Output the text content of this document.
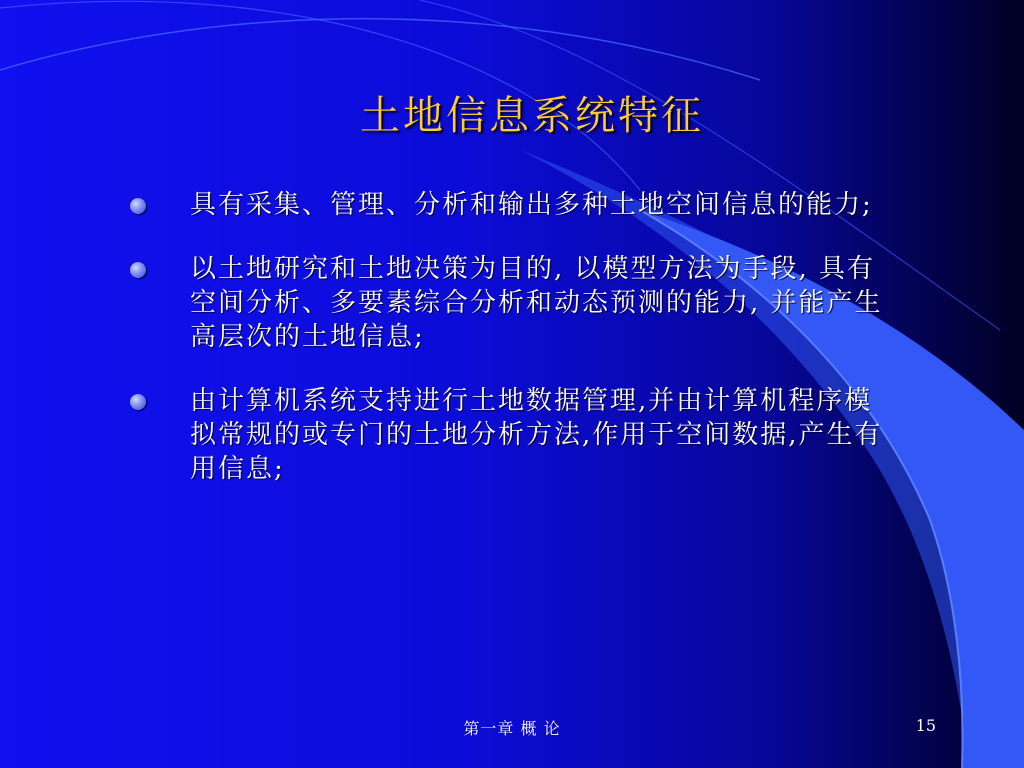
土地信息系统特征
具有采集、管理、分析和输出多种土地空间信息的能力;
以土地研究和土地决策为目的, 以模型方法为手段, 具有空间分析、多要素综合分析和动态预测的能力, 并能产生高层次的土地信息;
由计算机系统支持进行土地数据管理,并由计算机程序模拟常规的或专门的土地分析方法,作用于空间数据,产生有用信息;
第一章 概 论	15
